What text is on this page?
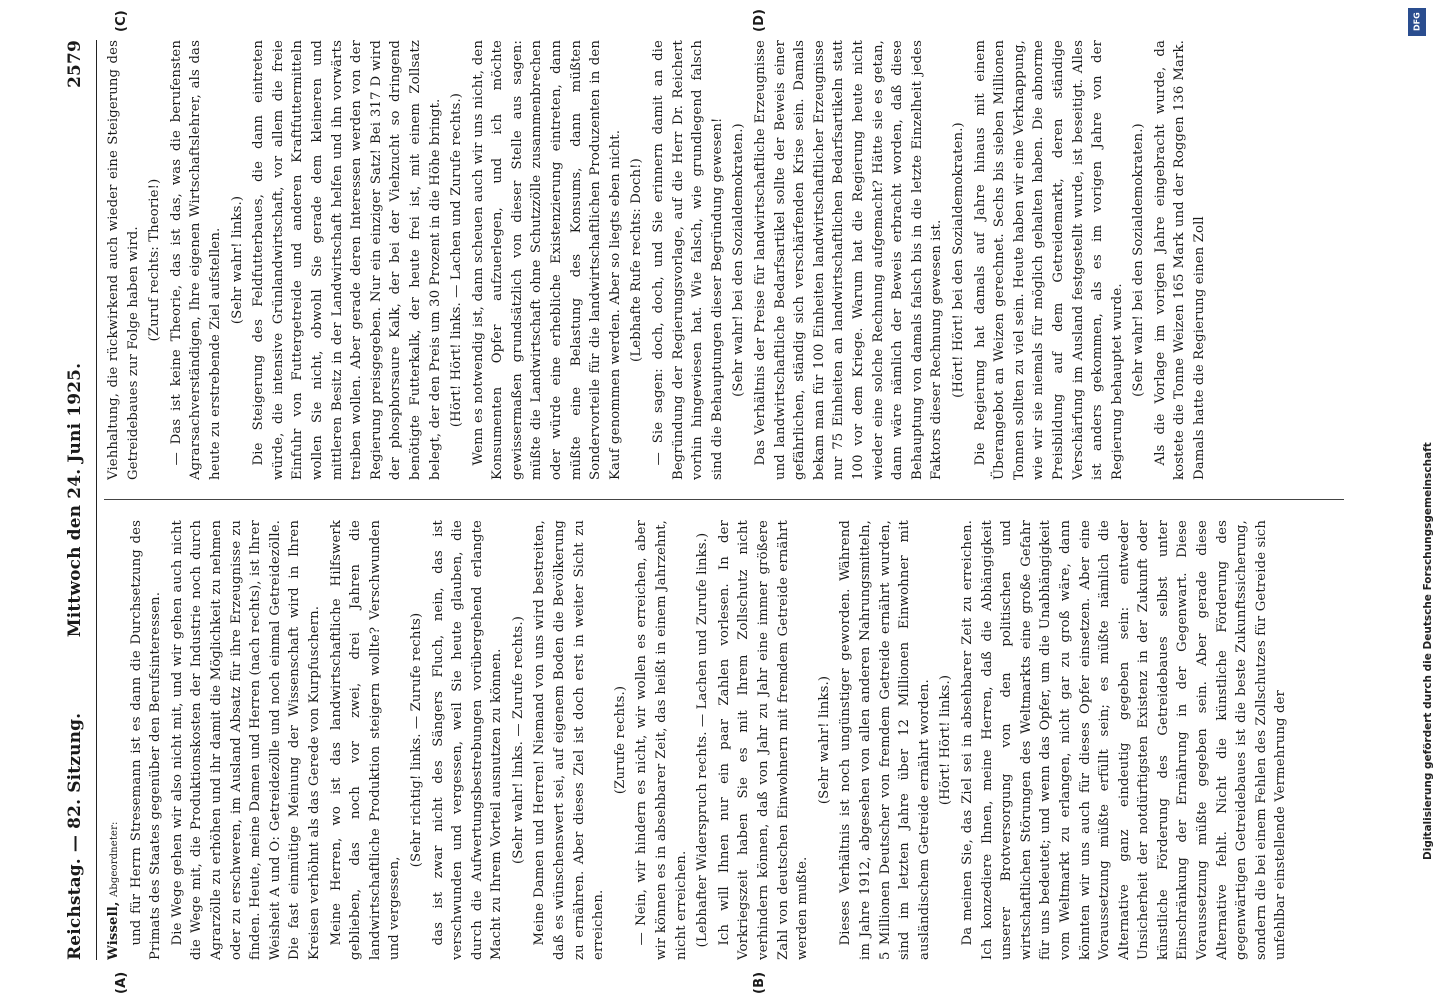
Reichstag. — 82. Sitzung.
Mittwoch den 24. Juni 1925.
2579
(A)	(B)
(C)	(D)

Wissell, Abgeordneter: und für Herrn Stresemann ist es dann die Durchsetzung des Primats des Staates gegenüber den Berufsinteressen. Die Wege gehen wir also nicht mit, und wir gehen auch nicht die Wege mit, die Produktionskosten der Industrie noch durch Agrarzölle zu erhöhen und ihr damit die Möglichkeit zu nehmen oder zu erschweren, im Ausland Absatz für ihre Erzeugnisse zu finden. Heute, meine Damen und Herren (nach rechts), ist Ihrer Weisheit A und O: Getreidezölle und noch einmal Getreidezölle. Die fast einmütige Meinung der Wissenschaft wird in Ihren Kreisen verhöhnt als das Gerede von Kurpfuschern. Meine Herren, wo ist das landwirtschaftliche Hilfswerk geblieben, das noch vor zwei, drei Jahren die landwirtschaftliche Produktion steigern wollte? Verschwunden und vergessen,

(Sehr richtig! links. — Zurufe rechts) das ist zwar nicht des Sängers Fluch, nein, das ist verschwunden und vergessen, weil Sie heute glauben, die durch die Aufwertungsbestrebungen vorübergehend erlangte Macht zu Ihrem Vorteil ausnutzen zu können. (Sehr wahr! links. — Zurufe rechts.) Meine Damen und Herren! Niemand von uns wird bestreiten, daß es wünschenswert sei, auf eigenem Boden die Bevölkerung zu ernähren. Aber dieses Ziel ist doch erst in weiter Sicht zu erreichen.

(Zurufe rechts.) — Nein, wir hindern es nicht, wir wollen es erreichen, aber wir können es in absehbarer Zeit, das heißt in einem Jahrzehnt, nicht erreichen. (Lebhafter Widerspruch rechts. — Lachen und Zurufe links.) Ich will Ihnen nur ein paar Zahlen vorlesen. In der Vorkriegszeit haben Sie es mit Ihrem Zollschutz nicht verhindern können, daß von Jahr zu Jahr eine immer größere Zahl von deutschen Einwohnern mit fremdem Getreide ernährt werden mußte.

(Sehr wahr! links.) Dieses Verhältnis ist noch ungünstiger geworden. Während im Jahre 1912, abgesehen von allen anderen Nahrungsmitteln, 5 Millionen Deutscher von fremdem Getreide ernährt wurden, sind im letzten Jahre über 12 Millionen Einwohner mit ausländischem Getreide ernährt worden. (Hört! Hört! links.) Da meinen Sie, das Ziel sei in absehbarer Zeit zu erreichen. Ich konzediere Ihnen, meine Herren, daß die Abhängigkeit unserer Brotversorgung von den politischen und wirtschaftlichen Störungen des Weltmarkts eine große Gefahr für uns bedeutet; und wenn das Opfer, um die Unabhängigkeit vom Weltmarkt zu erlangen, nicht gar zu groß wäre, dann könnten wir uns auch für dieses Opfer einsetzen. Aber eine Voraussetzung müßte erfüllt sein; es müßte nämlich die Alternative ganz eindeutig gegeben sein: entweder Unsicherheit der notdürftigsten Existenz in der Zukunft oder künstliche Förderung des Getreidebaues selbst unter Einschränkung der Ernährung in der Gegenwart. Diese Voraussetzung müßte gegeben sein. Aber gerade diese Alternative fehlt. Nicht die künstliche Förderung des gegenwärtigen Getreidebaues ist die beste Zukunftssicherung, sondern die bei einem Fehlen des Zollschutzes für Getreide sich unfehlbar einstellende Vermehrung der

Viehhaltung, die rückwirkend auch wieder eine Steigerung des Getreidebaues zur Folge haben wird. (Zuruf rechts: Theorie!) — Das ist keine Theorie, das ist das, was die berufensten Agrarsachverständigen, Ihre eigenen Wirtschaftslehrer, als das heute zu erstrebende Ziel aufstellen. (Sehr wahr! links.) Die Steigerung des Feldfutterbaues, die dann eintreten würde, die intensive Grünlandwirtschaft, vor allem die freie Einfuhr von Futtergetreide und anderen Kraftfuttermitteln wollen Sie nicht, obwohl Sie gerade dem kleineren und mittleren Besitz in der Landwirtschaft helfen und ihn vorwärts treiben wollen. Aber gerade deren Interessen werden von der Regierung preisgegeben. Nur ein einziger Satz! Bei 317 D wird der phosphorsaure Kalk, der bei der Viehzucht so dringend benötigte Futterkalk, der heute frei ist, mit einem Zollsatz belegt, der den Preis um 30 Prozent in die Höhe bringt. (Hört! Hört! links. — Lachen und Zurufe rechts.) Wenn es notwendig ist, dann scheuen auch wir uns nicht, den Konsumenten Opfer aufzuerlegen, und ich möchte gewissermaßen grundsätzlich von dieser Stelle aus sagen: müßte die Landwirtschaft ohne Schutzzölle zusammenbrechen oder würde eine erhebliche Existenzierung eintreten, dann müßte eine Belastung des Konsums, dann müßten Sondervorteile für die landwirtschaftlichen Produzenten in den Kauf genommen werden. Aber so liegts eben nicht. (Lebhafte Rufe rechts: Doch!) — Sie sagen: doch, doch, und Sie erinnern damit an die Begründung der Regierungsvorlage, auf die Herr Dr. Reichert vorhin hingewiesen hat. Wie falsch, wie grundlegend falsch sind die Behauptungen dieser Begründung gewesen! (Sehr wahr! bei den Sozialdemokraten.) Das Verhältnis der Preise für landwirtschaftliche Erzeugnisse und landwirtschaftliche Bedarfsartikel sollte der Beweis einer gefährlichen, ständig sich verschärfenden Krise sein. Damals bekam man für 100 Einheiten landwirtschaftlicher Erzeugnisse nur 75 Einheiten an landwirtschaftlichen Bedarfsartikeln statt 100 vor dem Kriege. Warum hat die Regierung heute nicht wieder eine solche Rechnung aufgemacht? Hätte sie es getan, dann wäre nämlich der Beweis erbracht worden, daß diese Behauptung von damals falsch bis in die letzte Einzelheit jedes Faktors dieser Rechnung gewesen ist. (Hört! Hört! bei den Sozialdemokraten.) Die Regierung hat damals auf Jahre hinaus mit einem Überangebot an Weizen gerechnet. Sechs bis sieben Millionen Tonnen sollten zu viel sein. Heute haben wir eine Verknappung, wie wir sie niemals für möglich gehalten haben. Die abnorme Preisbildung auf dem Getreidemarkt, deren ständige Verschärfung im Ausland festgestellt wurde, ist beseitigt. Alles ist anders gekommen, als es im vorigen Jahre von der Regierung behauptet wurde. (Sehr wahr! bei den Sozialdemokraten.) Als die Vorlage im vorigen Jahre eingebracht wurde, da kostete die Tonne Weizen 165 Mark und der Roggen 136 Mark. Damals hatte die Regierung einen Zoll

DFG
Digitalisierung gefördert durch die Deutsche Forschungsgemeinschaft
